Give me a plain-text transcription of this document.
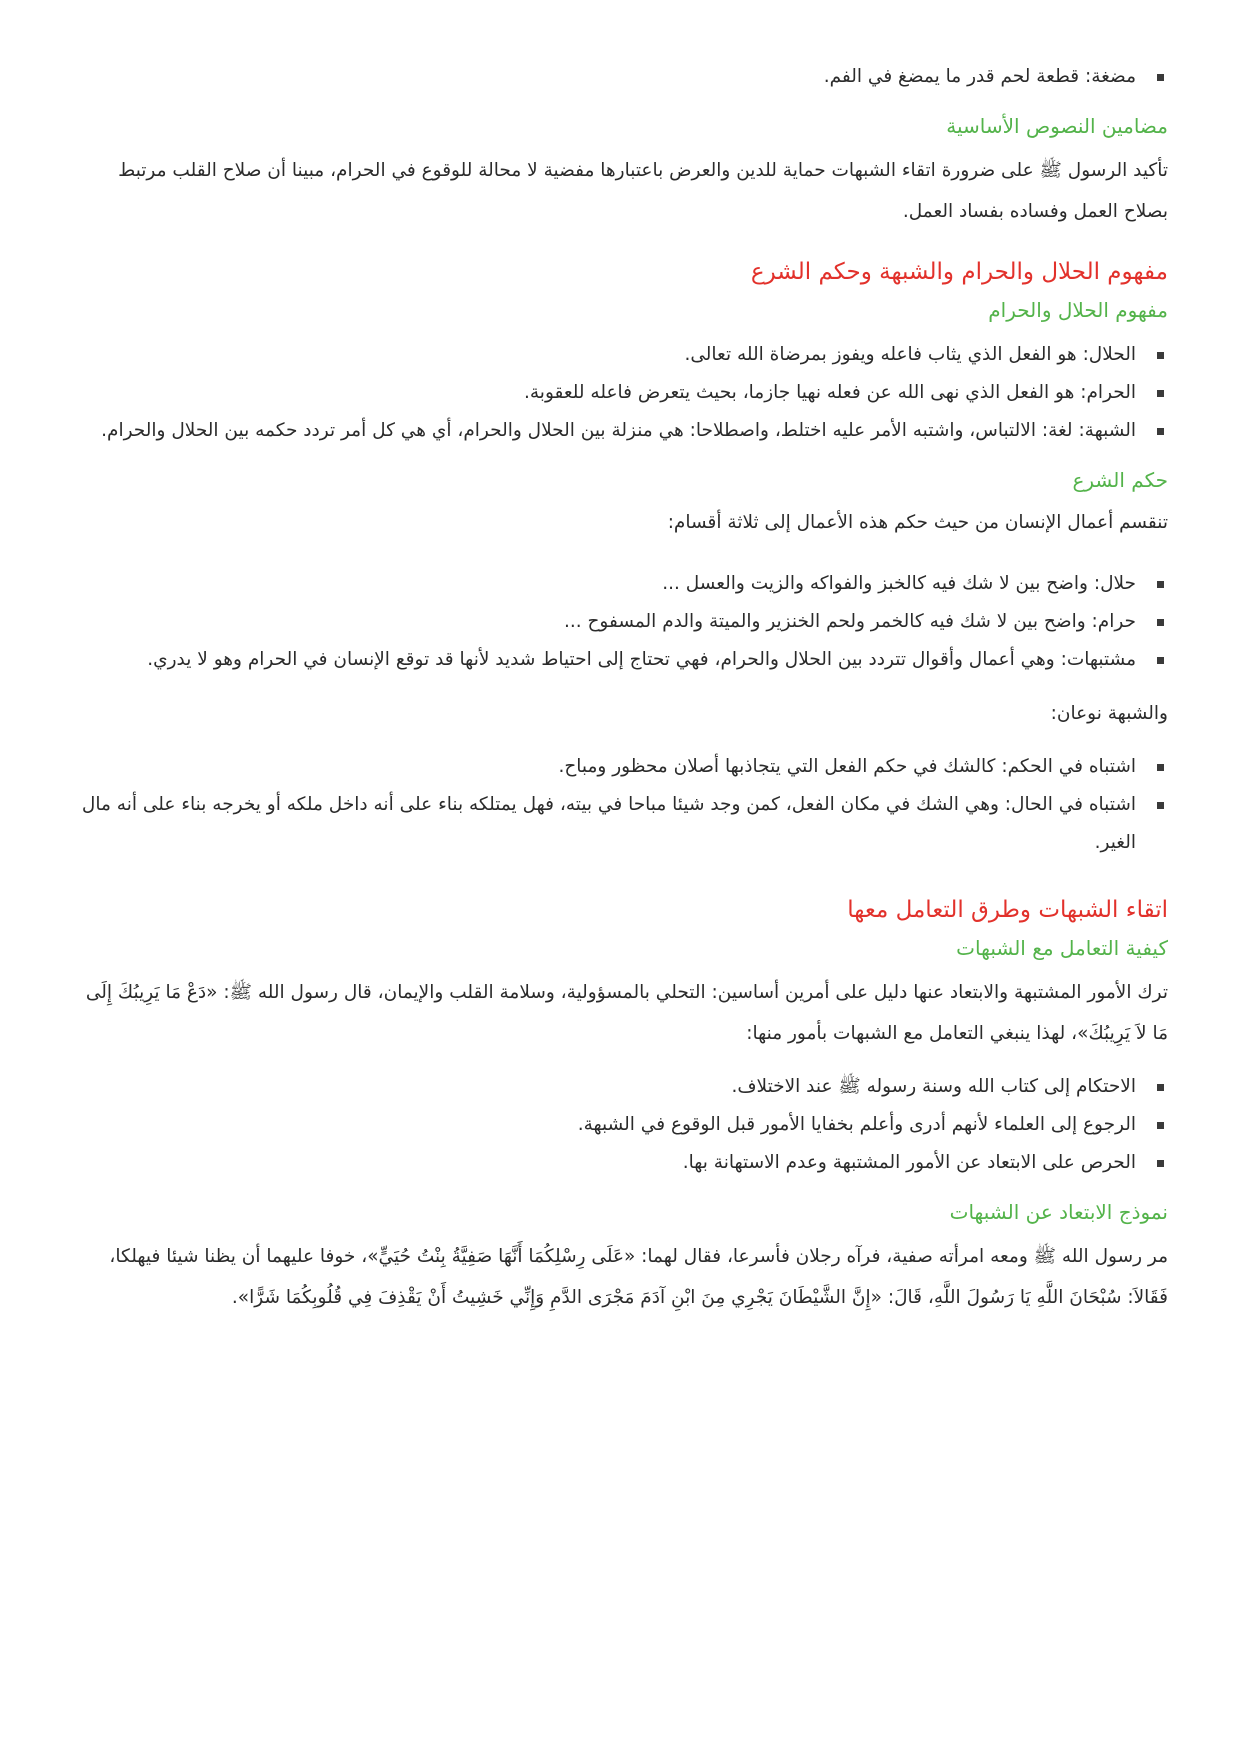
مضغة: قطعة لحم قدر ما يمضغ في الفم.
مضامين النصوص الأساسية

تأكيد الرسول ﷺ على ضرورة اتقاء الشبهات حماية للدين والعرض باعتبارها مفضية لا محالة للوقوع في الحرام، مبينا أن صلاح القلب مرتبط بصلاح العمل وفساده بفساد العمل.

مفهوم الحلال والحرام والشبهة وحكم الشرع
مفهوم الحلال والحرام
الحلال: هو الفعل الذي يثاب فاعله ويفوز بمرضاة الله تعالى.
الحرام: هو الفعل الذي نهى الله عن فعله نهيا جازما، بحيث يتعرض فاعله للعقوبة.
الشبهة: لغة: الالتباس، واشتبه الأمر عليه اختلط، واصطلاحا: هي منزلة بين الحلال والحرام، أي هي كل أمر تردد حكمه بين الحلال والحرام.
حكم الشرع

تنقسم أعمال الإنسان من حيث حكم هذه الأعمال إلى ثلاثة أقسام:

حلال: واضح بين لا شك فيه كالخبز والفواكه والزيت والعسل ...
حرام: واضح بين لا شك فيه كالخمر ولحم الخنزير والميتة والدم المسفوح ...
مشتبهات: وهي أعمال وأقوال تتردد بين الحلال والحرام، فهي تحتاج إلى احتياط شديد لأنها قد توقع الإنسان في الحرام وهو لا يدري.

والشبهة نوعان:

اشتباه في الحكم: كالشك في حكم الفعل التي يتجاذبها أصلان محظور ومباح.
اشتباه في الحال: وهي الشك في مكان الفعل، كمن وجد شيئا مباحا في بيته، فهل يمتلكه بناء على أنه داخل ملكه أو يخرجه بناء على أنه مال الغير.
اتقاء الشبهات وطرق التعامل معها
كيفية التعامل مع الشبهات

ترك الأمور المشتبهة والابتعاد عنها دليل على أمرين أساسين: التحلي بالمسؤولية، وسلامة القلب والإيمان، قال رسول الله ﷺ: «دَعْ مَا يَرِيبُكَ إِلَى مَا لاَ يَرِيبُكَ»، لهذا ينبغي التعامل مع الشبهات بأمور منها:

الاحتكام إلى كتاب الله وسنة رسوله ﷺ عند الاختلاف.
الرجوع إلى العلماء لأنهم أدرى وأعلم بخفايا الأمور قبل الوقوع في الشبهة.
الحرص على الابتعاد عن الأمور المشتبهة وعدم الاستهانة بها.
نموذج الابتعاد عن الشبهات

مر رسول الله ﷺ ومعه امرأته صفية، فرآه رجلان فأسرعا، فقال لهما: «عَلَى رِسْلِكُمَا أَنَّهَا صَفِيَّةُ بِنْتُ حُيَيٍّ»، خوفا عليهما أن يظنا شيئا فيهلكا، فَقَالاَ: سُبْحَانَ اللَّهِ يَا رَسُولَ اللَّهِ، قَالَ: «إِنَّ الشَّيْطَانَ يَجْرِي مِنَ ابْنِ آدَمَ مَجْرَى الدَّمِ وَإِنِّي خَشِيتُ أَنْ يَقْذِفَ فِي قُلُوبِكُمَا شَرًّا».
